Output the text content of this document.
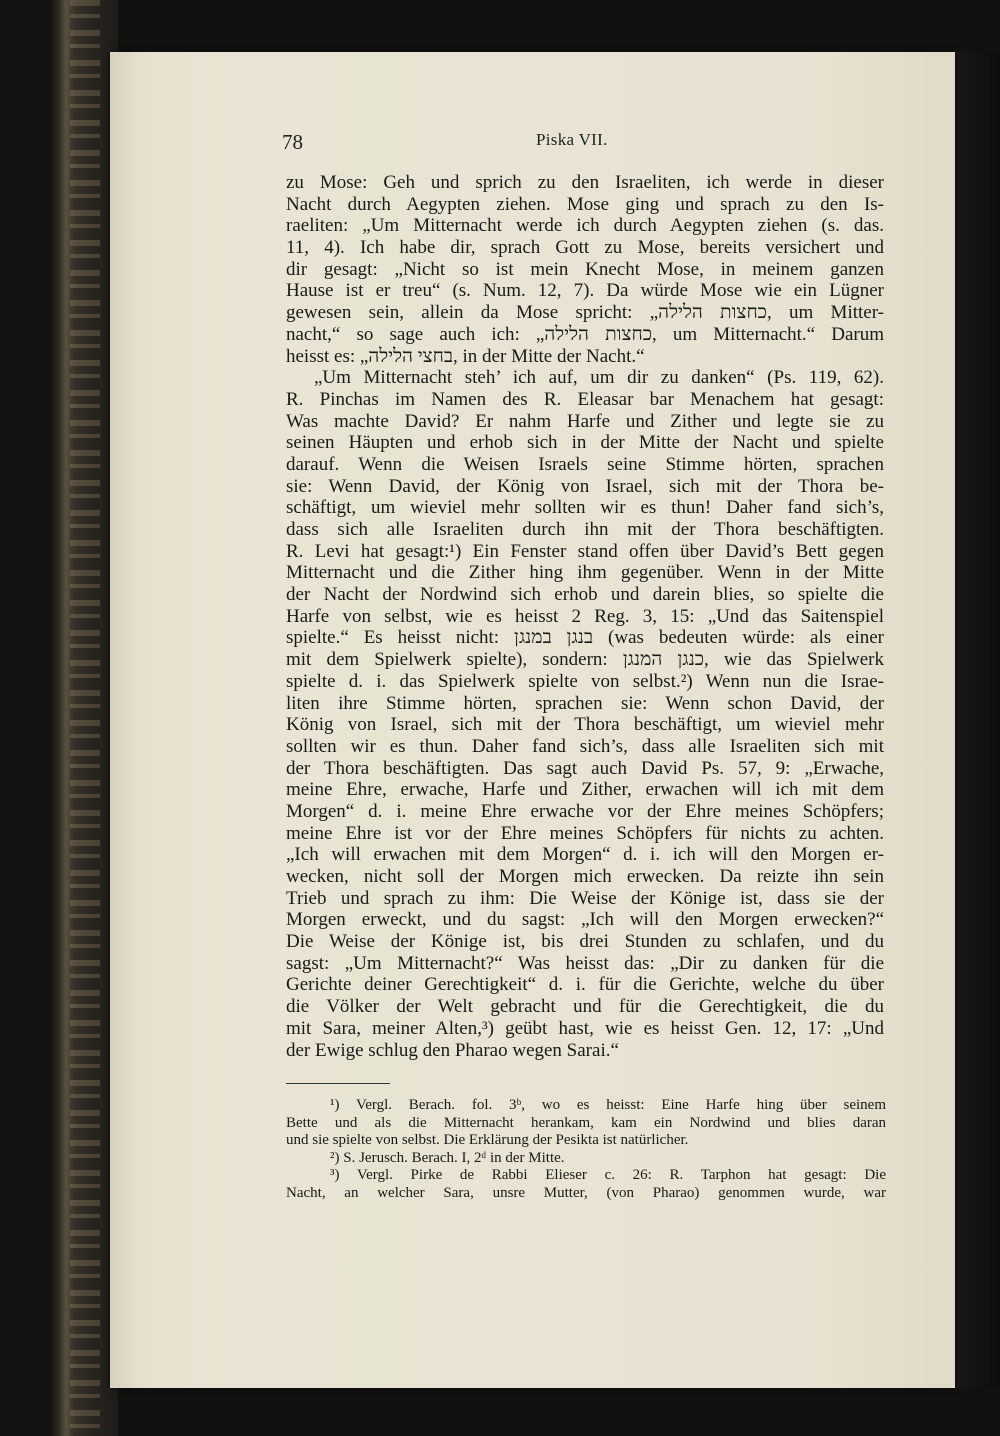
78	Piska VII.
zu Mose: Geh und sprich zu den Israeliten, ich werde in dieser
Nacht durch Aegypten ziehen. Mose ging und sprach zu den Is-
raeliten: „Um Mitternacht werde ich durch Aegypten ziehen (s. das.
11, 4). Ich habe dir, sprach Gott zu Mose, bereits versichert und
dir gesagt: „Nicht so ist mein Knecht Mose, in meinem ganzen
Hause ist er treu“ (s. Num. 12, 7). Da würde Mose wie ein Lügner
gewesen sein, allein da Mose spricht: „כחצות הלילה, um Mitter-
nacht,“ so sage auch ich: „כחצות הלילה, um Mitternacht.“ Darum
heisst es: „בחצי הלילה, in der Mitte der Nacht.“
„Um Mitternacht steh’ ich auf, um dir zu danken“ (Ps. 119, 62).
R. Pinchas im Namen des R. Eleasar bar Menachem hat gesagt:
Was machte David? Er nahm Harfe und Zither und legte sie zu
seinen Häupten und erhob sich in der Mitte der Nacht und spielte
darauf. Wenn die Weisen Israels seine Stimme hörten, sprachen
sie: Wenn David, der König von Israel, sich mit der Thora be-
schäftigt, um wieviel mehr sollten wir es thun! Daher fand sich’s,
dass sich alle Israeliten durch ihn mit der Thora beschäftigten.
R. Levi hat gesagt:¹) Ein Fenster stand offen über David’s Bett gegen
Mitternacht und die Zither hing ihm gegenüber. Wenn in der Mitte
der Nacht der Nordwind sich erhob und darein blies, so spielte die
Harfe von selbst, wie es heisst 2 Reg. 3, 15: „Und das Saitenspiel
spielte.“ Es heisst nicht: בנגן במנגן (was bedeuten würde: als einer
mit dem Spielwerk spielte), sondern: כנגן המנגן, wie das Spielwerk
spielte d. i. das Spielwerk spielte von selbst.²) Wenn nun die Israe-
liten ihre Stimme hörten, sprachen sie: Wenn schon David, der
König von Israel, sich mit der Thora beschäftigt, um wieviel mehr
sollten wir es thun. Daher fand sich’s, dass alle Israeliten sich mit
der Thora beschäftigten. Das sagt auch David Ps. 57, 9: „Erwache,
meine Ehre, erwache, Harfe und Zither, erwachen will ich mit dem
Morgen“ d. i. meine Ehre erwache vor der Ehre meines Schöpfers;
meine Ehre ist vor der Ehre meines Schöpfers für nichts zu achten.
„Ich will erwachen mit dem Morgen“ d. i. ich will den Morgen er-
wecken, nicht soll der Morgen mich erwecken. Da reizte ihn sein
Trieb und sprach zu ihm: Die Weise der Könige ist, dass sie der
Morgen erweckt, und du sagst: „Ich will den Morgen erwecken?“
Die Weise der Könige ist, bis drei Stunden zu schlafen, und du
sagst: „Um Mitternacht?“ Was heisst das: „Dir zu danken für die
Gerichte deiner Gerechtigkeit“ d. i. für die Gerichte, welche du über
die Völker der Welt gebracht und für die Gerechtigkeit, die du
mit Sara, meiner Alten,³) geübt hast, wie es heisst Gen. 12, 17: „Und
der Ewige schlug den Pharao wegen Sarai.“
¹) Vergl. Berach. fol. 3ᵇ, wo es heisst: Eine Harfe hing über seinem
Bette und als die Mitternacht herankam, kam ein Nordwind und blies daran
und sie spielte von selbst. Die Erklärung der Pesikta ist natürlicher.
²) S. Jerusch. Berach. I, 2ᵈ in der Mitte.
³) Vergl. Pirke de Rabbi Elieser c. 26: R. Tarphon hat gesagt: Die
Nacht, an welcher Sara, unsre Mutter, (von Pharao) genommen wurde, war
